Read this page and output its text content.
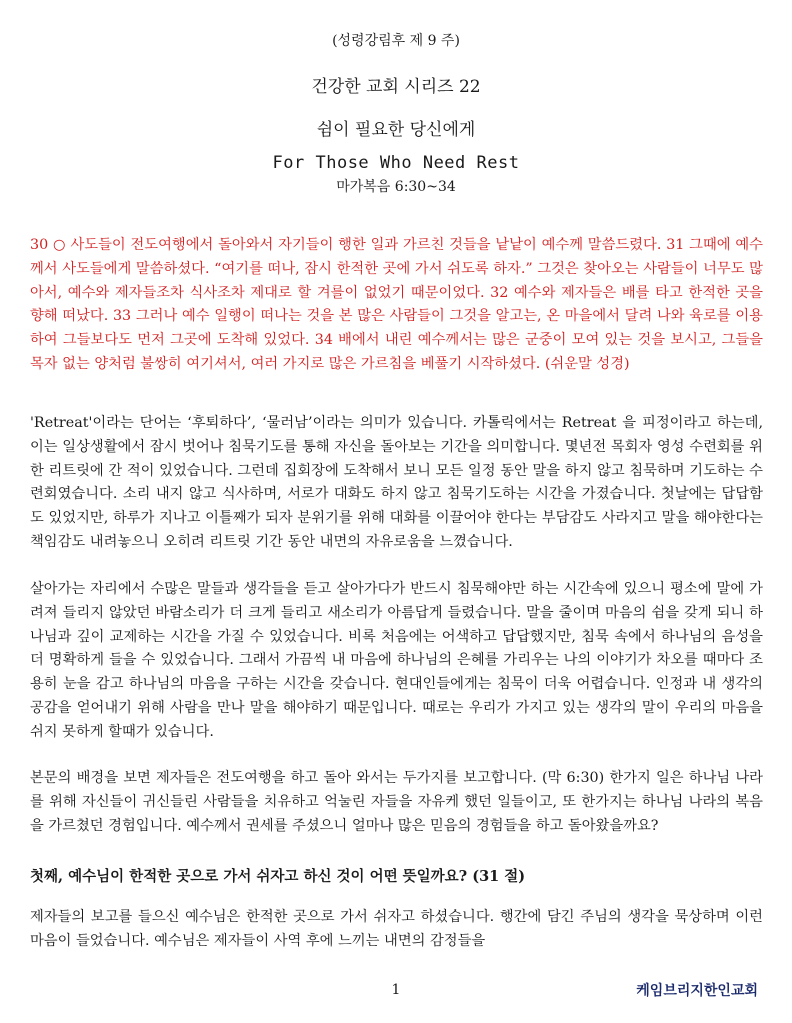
(성령강림후 제 9 주)
건강한 교회 시리즈 22
쉼이 필요한 당신에게
For Those Who Need Rest
마가복음 6:30~34
30 ○ 사도들이 전도여행에서 돌아와서 자기들이 행한 일과 가르친 것들을 낱낱이 예수께 말씀드렸다. 31 그때에 예수께서 사도들에게 말씀하셨다. “여기를 떠나, 잠시 한적한 곳에 가서 쉬도록 하자.” 그것은 찾아오는 사람들이 너무도 많아서, 예수와 제자들조차 식사조차 제대로 할 겨를이 없었기 때문이었다. 32 예수와 제자들은 배를 타고 한적한 곳을 향해 떠났다. 33 그러나 예수 일행이 떠나는 것을 본 많은 사람들이 그것을 알고는, 온 마을에서 달려 나와 육로를 이용하여 그들보다도 먼저 그곳에 도착해 있었다. 34 배에서 내린 예수께서는 많은 군중이 모여 있는 것을 보시고, 그들을 목자 없는 양처럼 불쌍히 여기셔서, 여러 가지로 많은 가르침을 베풀기 시작하셨다. (쉬운말 성경)
'Retreat'이라는 단어는 ‘후퇴하다’, ‘물러남’이라는 의미가 있습니다. 카톨릭에서는 Retreat 을 피정이라고 하는데, 이는 일상생활에서 잠시 벗어나 침묵기도를 통해 자신을 돌아보는 기간을 의미합니다. 몇년전 목회자 영성 수련회를 위한 리트릿에 간 적이 있었습니다. 그런데 집회장에 도착해서 보니 모든 일정 동안 말을 하지 않고 침묵하며 기도하는 수련회였습니다. 소리 내지 않고 식사하며, 서로가 대화도 하지 않고 침묵기도하는 시간을 가졌습니다. 첫날에는 답답함도 있었지만, 하루가 지나고 이틀째가 되자 분위기를 위해 대화를 이끌어야 한다는 부담감도 사라지고 말을 해야한다는 책임감도 내려놓으니 오히려 리트릿 기간 동안 내면의 자유로움을 느꼈습니다.
살아가는 자리에서 수많은 말들과 생각들을 듣고 살아가다가 반드시 침묵해야만 하는 시간속에 있으니 평소에 말에 가려져 들리지 않았던 바람소리가 더 크게 들리고 새소리가 아름답게 들렸습니다. 말을 줄이며 마음의 쉼을 갖게 되니 하나님과 깊이 교제하는 시간을 가질 수 있었습니다. 비록 처음에는 어색하고 답답했지만, 침묵 속에서 하나님의 음성을 더 명확하게 들을 수 있었습니다. 그래서 가끔씩 내 마음에 하나님의 은혜를 가리우는 나의 이야기가 차오를 때마다 조용히 눈을 감고 하나님의 마음을 구하는 시간을 갖습니다. 현대인들에게는 침묵이 더욱 어렵습니다. 인정과 내 생각의 공감을 얻어내기 위해 사람을 만나 말을 해야하기 때문입니다. 때로는 우리가 가지고 있는 생각의 말이 우리의 마음을 쉬지 못하게 할때가 있습니다.
본문의 배경을 보면 제자들은 전도여행을 하고 돌아 와서는 두가지를 보고합니다. (막 6:30) 한가지 일은 하나님 나라를 위해 자신들이 귀신들린 사람들을 치유하고 억눌린 자들을 자유케 했던 일들이고, 또 한가지는 하나님 나라의 복음을 가르쳤던 경험입니다. 예수께서 권세를 주셨으니 얼마나 많은 믿음의 경험들을 하고 돌아왔을까요?
첫째, 예수님이 한적한 곳으로 가서 쉬자고 하신 것이 어떤 뜻일까요? (31 절)
제자들의 보고를 들으신 예수님은 한적한 곳으로 가서 쉬자고 하셨습니다. 행간에 담긴 주님의 생각을 묵상하며 이런 마음이 들었습니다. 예수님은 제자들이 사역 후에 느끼는 내면의 감정들을
1	케임브리지한인교회
